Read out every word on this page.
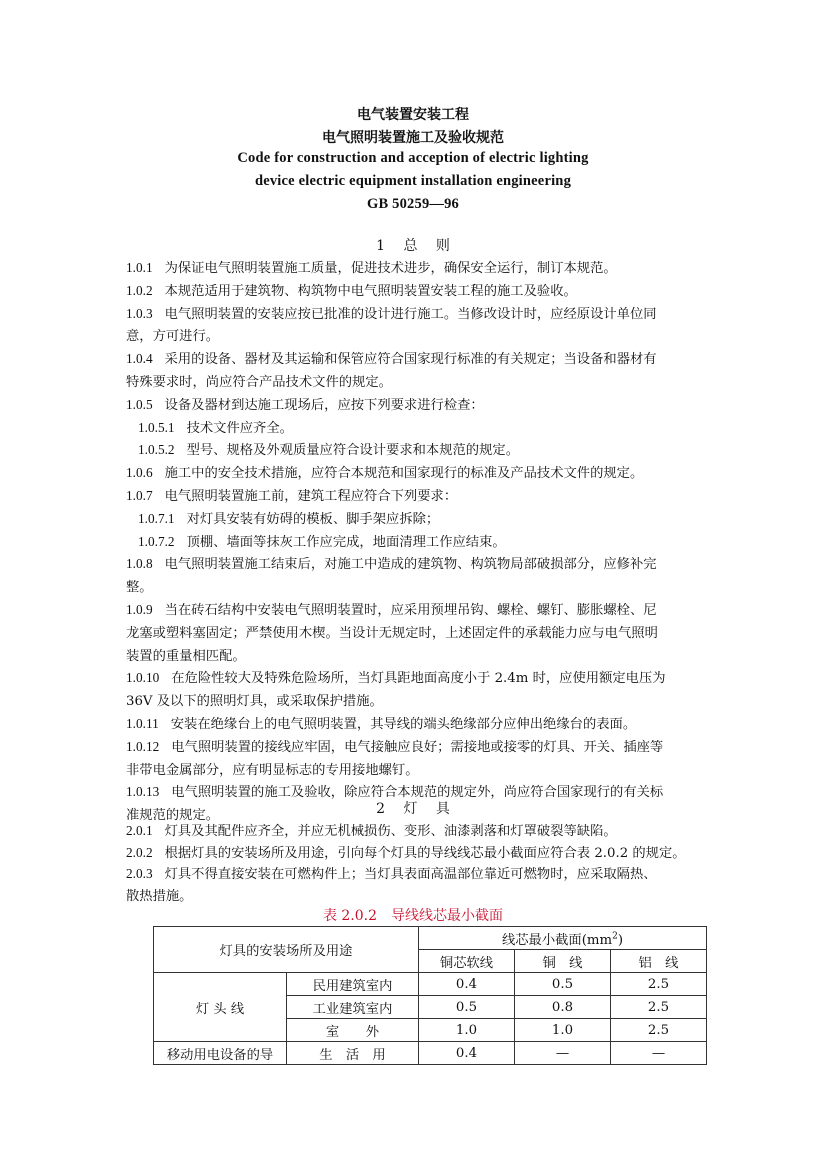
电气装置安装工程
电气照明装置施工及验收规范
Code for construction and acception of electric lighting
device electric equipment installation engineering
GB 50259—96
1 总 则
1.0.1 为保证电气照明装置施工质量，促进技术进步，确保安全运行，制订本规范。
1.0.2 本规范适用于建筑物、构筑物中电气照明装置安装工程的施工及验收。
1.0.3 电气照明装置的安装应按已批准的设计进行施工。当修改设计时，应经原设计单位同
意，方可进行。
1.0.4 采用的设备、器材及其运输和保管应符合国家现行标准的有关规定；当设备和器材有
特殊要求时，尚应符合产品技术文件的规定。
1.0.5 设备及器材到达施工现场后，应按下列要求进行检查：
1.0.5.1 技术文件应齐全。
1.0.5.2 型号、规格及外观质量应符合设计要求和本规范的规定。
1.0.6 施工中的安全技术措施，应符合本规范和国家现行的标准及产品技术文件的规定。
1.0.7 电气照明装置施工前，建筑工程应符合下列要求：
1.0.7.1 对灯具安装有妨碍的模板、脚手架应拆除；
1.0.7.2 顶棚、墙面等抹灰工作应完成，地面清理工作应结束。
1.0.8 电气照明装置施工结束后，对施工中造成的建筑物、构筑物局部破损部分，应修补完
整。
1.0.9 当在砖石结构中安装电气照明装置时，应采用预埋吊钩、螺栓、螺钉、膨胀螺栓、尼
龙塞或塑料塞固定；严禁使用木楔。当设计无规定时，上述固定件的承载能力应与电气照明
装置的重量相匹配。
1.0.10 在危险性较大及特殊危险场所，当灯具距地面高度小于 2.4m 时，应使用额定电压为
36V 及以下的照明灯具，或采取保护措施。
1.0.11 安装在绝缘台上的电气照明装置，其导线的端头绝缘部分应伸出绝缘台的表面。
1.0.12 电气照明装置的接线应牢固，电气接触应良好；需接地或接零的灯具、开关、插座等
非带电金属部分，应有明显标志的专用接地螺钉。
1.0.13 电气照明装置的施工及验收，除应符合本规范的规定外，尚应符合国家现行的有关标
准规范的规定。	2 灯 具
2.0.1 灯具及其配件应齐全，并应无机械损伤、变形、油漆剥落和灯罩破裂等缺陷。
2.0.2 根据灯具的安装场所及用途，引向每个灯具的导线线芯最小截面应符合表 2.0.2 的规定。
2.0.3 灯具不得直接安装在可燃构件上；当灯具表面高温部位靠近可燃物时，应采取隔热、
散热措施。
表 2.0.2　导线线芯最小截面
灯具的安装场所及用途		线芯最小截面$(mm^2)$		
		铜芯软线	铜　线	铝　线
灯 头 线	民用建筑室内	0.4	0.5	2.5
	工业建筑室内	0.5	0.8	2.5
	室　　外	1.0	1.0	2.5
移动用电设备的导	生　活　用	0.4	—	—
